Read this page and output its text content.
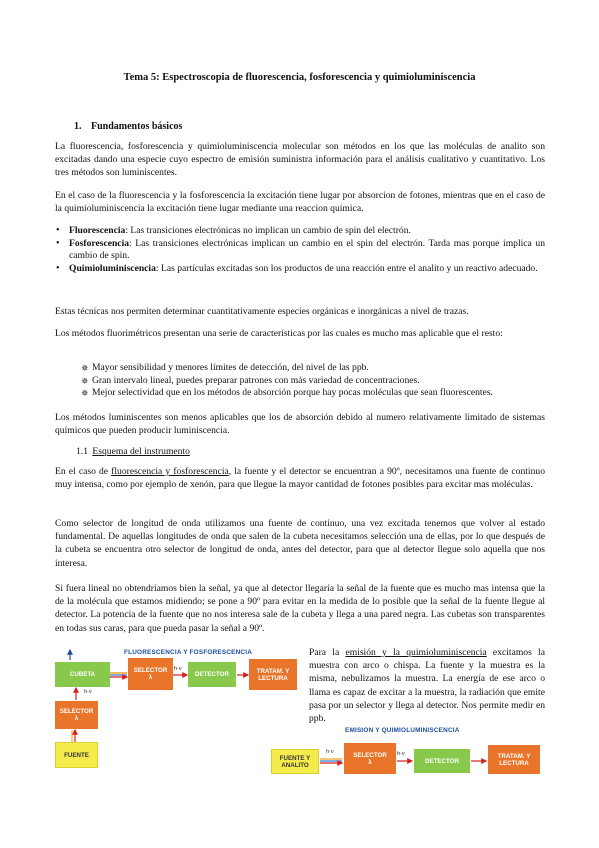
Tema 5: Espectroscopia de fluorescencia, fosforescencia y quimioluminiscencia
1. Fundamentos básicos

La fluorescencia, fosforescencia y quimioluminiscencia molecular son métodos en los que las moléculas de analito son excitadas dando una especie cuyo espectro de emisión suministra información para el análisis cualitativo y cuantitativo. Los tres métodos son luminiscentes.

En el caso de la fluorescencia y la fosforescencia la excitación tiene lugar por absorcion de fotones, mientras que en el caso de la quimioluminiscencia la excitación tiene lugar mediante una reaccion química.

• Fluorescencia: Las transiciones electrónicas no implican un cambio de spin del electrón.
• Fosforescencia: Las transiciones electrónicas implican un cambio en el spin del electrón. Tarda mas porque implica un cambio de spin.
• Quimioluminiscencia: Las partículas excitadas son los productos de una reacción entre el analito y un reactivo adecuado.

Estas técnicas nos permiten determinar cuantitativamente especies orgánicas e inorgánicas a nivel de trazas.

Los métodos fluorimétricos presentan una serie de características por las cuales es mucho mas aplicable que el resto:

✵ Mayor sensibilidad y menores límites de detección, del nivel de las ppb.
✵ Gran intervalo lineal, puedes preparar patrones con más variedad de concentraciones.
✵ Mejor selectividad que en los métodos de absorción porque hay pocas moléculas que sean fluorescentes.

Los métodos luminiscentes son menos aplicables que los de absorción debido al numero relativamente limitado de sistemas químicos que pueden producir luminiscencia.

1.1 Esquema del instrumento

En el caso de fluorescencia y fosforescencia, la fuente y el detector se encuentran a 90º, necesitamos una fuente de continuo muy intensa, como por ejemplo de xenón, para que llegue la mayor cantidad de fotones posibles para excitar mas moléculas.

Como selector de longitud de onda utilizamos una fuente de continuo, una vez excitada tenemos que volver al estado fundamental. De aquellas longitudes de onda que salen de la cubeta necesitamos selección una de ellas, por lo que después de la cubeta se encuentra otro selector de longitud de onda, antes del detector, para que al detector llegue solo aquella que nos interesa.

Si fuera lineal no obtendríamos bien la señal, ya que al detector llegaría la señal de la fuente que es mucho mas intensa que la de la molécula que estamos midiendo; se pone a 90º para evitar en la medida de lo posible que la señal de la fuente llegue al detector. La potencia de la fuente que no nos interesa sale de la cubeta y llega a una pared negra. Las cubetas son transparentes en todas sus caras, para que pueda pasar la señal a 90º.

FLUORESCENCIA Y FOSFORESCENCIA
CUBETA
SELECTOR
λ	DETECTOR	TRATAM. Y
LECTURA
SELECTOR
λ
FUENTE
h·ν
h·ν

Para la emisión y la quimioluminiscencia excitamos la muestra con arco o chispa. La fuente y la muestra es la misma, nebulizamos la muestra. La energía de ese arco o llama es capaz de excitar a la muestra, la radiación que emite pasa por un selector y llega al detector. Nos permite medir en ppb.

EMISION Y QUIMIOLUMINISCENCIA
FUENTE Y
ANALITO
SELECTOR
λ	DETECTOR
TRATAM. Y
LECTURA
h·ν	h·ν
